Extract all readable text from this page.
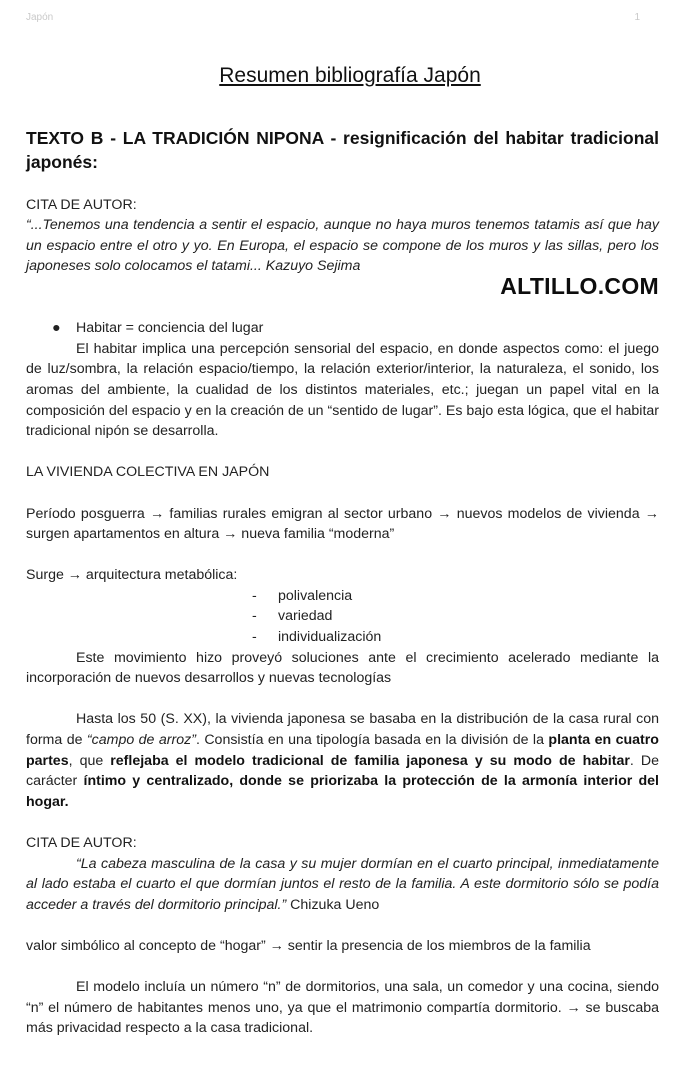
Japón	1
Resumen bibliografía Japón
ALTILLO.COM

TEXTO B - LA TRADICIÓN NIPONA - resignificación del habitar tradicional japonés:

CITA DE AUTOR:

“...Tenemos una tendencia a sentir el espacio, aunque no haya muros tenemos tatamis así que hay un espacio entre el otro y yo. En Europa, el espacio se compone de los muros y las sillas, pero los japoneses solo colocamos el tatami... Kazuyo Sejima

● Habitar = conciencia del lugar

El habitar implica una percepción sensorial del espacio, en donde aspectos como: el juego de luz/sombra, la relación espacio/tiempo, la relación exterior/interior, la naturaleza, el sonido, los aromas del ambiente, la cualidad de los distintos materiales, etc.; juegan un papel vital en la composición del espacio y en la creación de un “sentido de lugar”. Es bajo esta lógica, que el habitar tradicional nipón se desarrolla.

LA VIVIENDA COLECTIVA EN JAPÓN

Período posguerra → familias rurales emigran al sector urbano → nuevos modelos de vivienda → surgen apartamentos en altura → nueva familia “moderna”

Surge → arquitectura metabólica:

- polivalencia

- variedad

- individualización

Este movimiento hizo proveyó soluciones ante el crecimiento acelerado mediante la incorporación de nuevos desarrollos y nuevas tecnologías

Hasta los 50 (S. XX), la vivienda japonesa se basaba en la distribución de la casa rural con forma de “campo de arroz”. Consistía en una tipología basada en la división de la planta en cuatro partes, que reflejaba el modelo tradicional de familia japonesa y su modo de habitar. De carácter íntimo y centralizado, donde se priorizaba la protección de la armonía interior del hogar.

CITA DE AUTOR:

“La cabeza masculina de la casa y su mujer dormían en el cuarto principal, inmediatamente al lado estaba el cuarto el que dormían juntos el resto de la familia. A este dormitorio sólo se podía acceder a través del dormitorio principal.” Chizuka Ueno

valor simbólico al concepto de “hogar” → sentir la presencia de los miembros de la familia

El modelo incluía un número “n” de dormitorios, una sala, un comedor y una cocina, siendo “n” el número de habitantes menos uno, ya que el matrimonio compartía dormitorio. → se buscaba más privacidad respecto a la casa tradicional.
